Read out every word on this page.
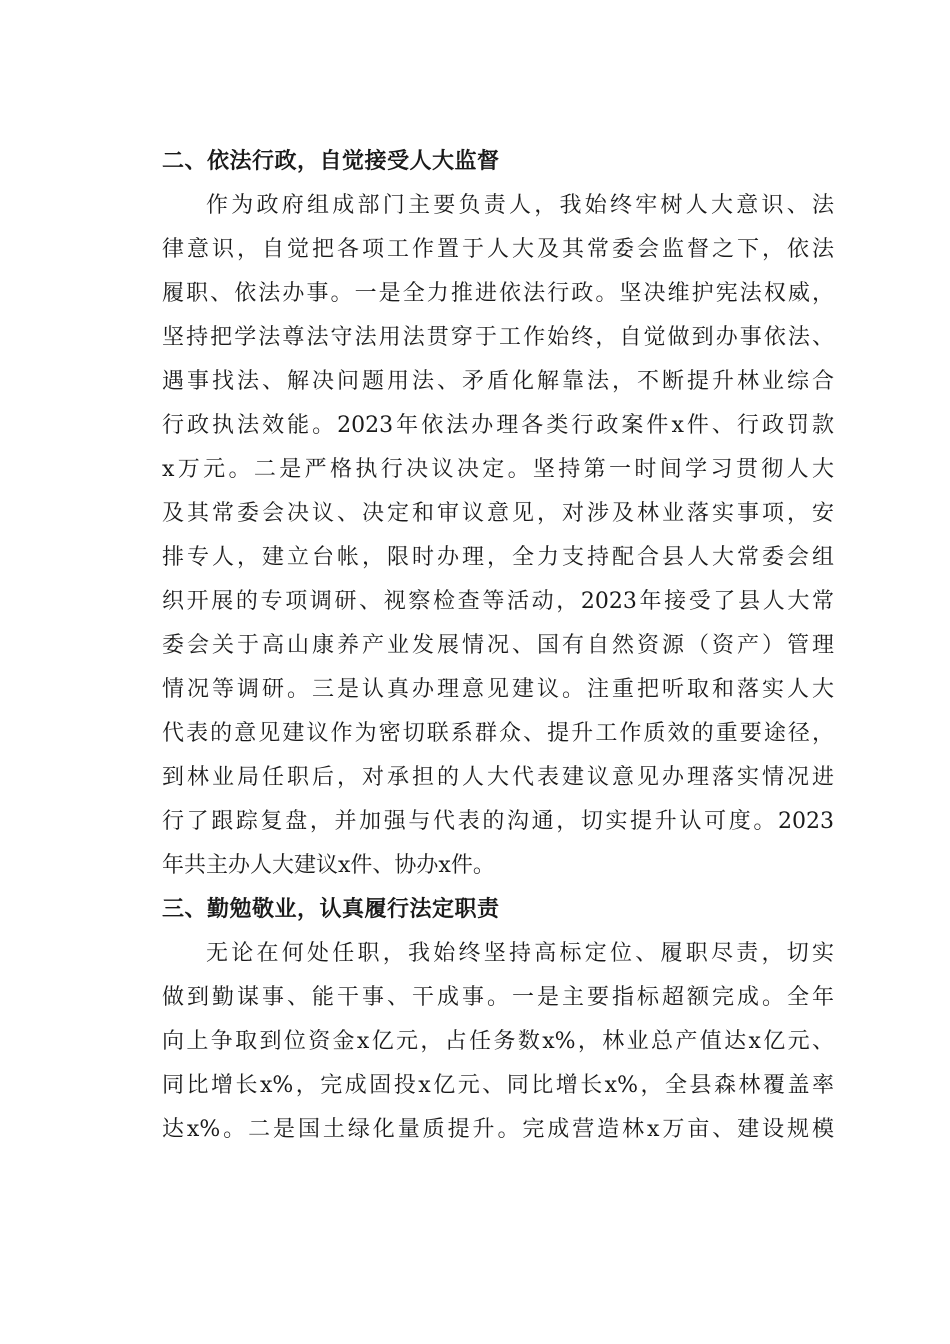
二、依法行政，自觉接受人大监督
作为政府组成部门主要负责人，我始终牢树人大意识、法
律意识，自觉把各项工作置于人大及其常委会监督之下，依法
履职、依法办事。一是全力推进依法行政。坚决维护宪法权威，
坚持把学法尊法守法用法贯穿于工作始终，自觉做到办事依法、
遇事找法、解决问题用法、矛盾化解靠法，不断提升林业综合
行政执法效能。2023年依法办理各类行政案件x件、行政罚款
x万元。二是严格执行决议决定。坚持第一时间学习贯彻人大
及其常委会决议、决定和审议意见，对涉及林业落实事项，安
排专人，建立台帐，限时办理，全力支持配合县人大常委会组
织开展的专项调研、视察检查等活动，2023年接受了县人大常
委会关于高山康养产业发展情况、国有自然资源（资产）管理
情况等调研。三是认真办理意见建议。注重把听取和落实人大
代表的意见建议作为密切联系群众、提升工作质效的重要途径，
到林业局任职后，对承担的人大代表建议意见办理落实情况进
行了跟踪复盘，并加强与代表的沟通，切实提升认可度。2023
年共主办人大建议x件、协办x件。
三、勤勉敬业，认真履行法定职责
无论在何处任职，我始终坚持高标定位、履职尽责，切实
做到勤谋事、能干事、干成事。一是主要指标超额完成。全年
向上争取到位资金x亿元，占任务数x%，林业总产值达x亿元、
同比增长x%，完成固投x亿元、同比增长x%，全县森林覆盖率
达x%。二是国土绿化量质提升。完成营造林x万亩、建设规模
